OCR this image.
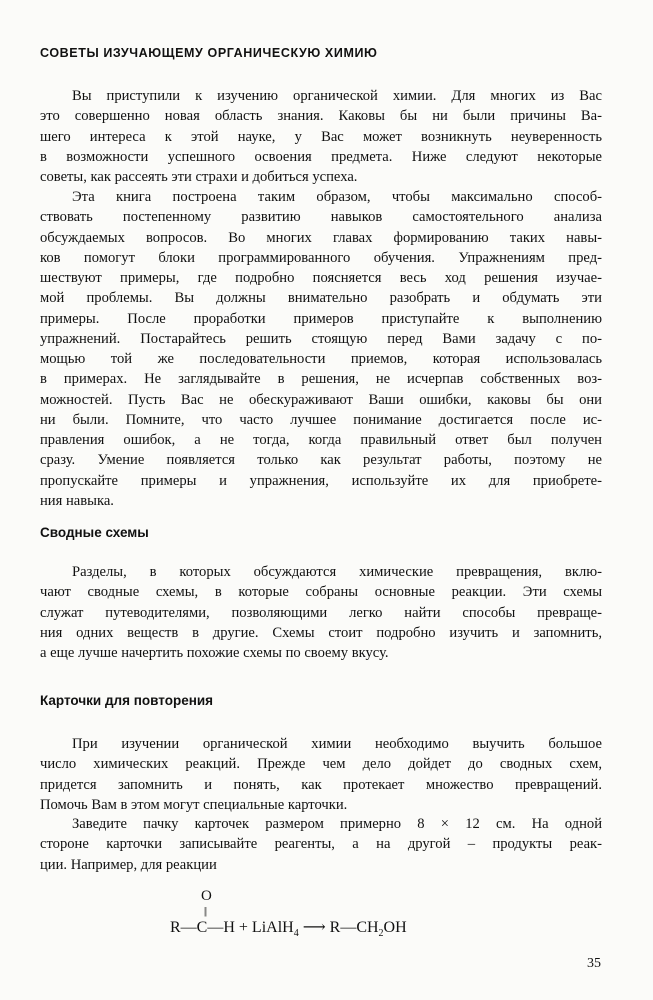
СОВЕТЫ ИЗУЧАЮЩЕМУ ОРГАНИЧЕСКУЮ ХИМИЮ
Вы приступили к изучению органической химии. Для многих из Вас
это совершенно новая область знания. Каковы бы ни были причины Ва-
шего интереса к этой науке, у Вас может возникнуть неуверенность
в возможности успешного освоения предмета. Ниже следуют некоторые
советы, как рассеять эти страхи и добиться успеха.
Эта книга построена таким образом, чтобы максимально способ-
ствовать постепенному развитию навыков самостоятельного анализа
обсуждаемых вопросов. Во многих главах формированию таких навы-
ков помогут блоки программированного обучения. Упражнениям пред-
шествуют примеры, где подробно поясняется весь ход решения изучае-
мой проблемы. Вы должны внимательно разобрать и обдумать эти
примеры. После проработки примеров приступайте к выполнению
упражнений. Постарайтесь решить стоящую перед Вами задачу с по-
мощью той же последовательности приемов, которая использовалась
в примерах. Не заглядывайте в решения, не исчерпав собственных воз-
можностей. Пусть Вас не обескураживают Ваши ошибки, каковы бы они
ни были. Помните, что часто лучшее понимание достигается после ис-
правления ошибок, а не тогда, когда правильный ответ был получен
сразу. Умение появляется только как результат работы, поэтому не
пропускайте примеры и упражнения, используйте их для приобрете-
ния навыка.
Сводные схемы
Разделы, в которых обсуждаются химические превращения, вклю-
чают сводные схемы, в которые собраны основные реакции. Эти схемы
служат путеводителями, позволяющими легко найти способы превраще-
ния одних веществ в другие. Схемы стоит подробно изучить и запомнить,
а еще лучше начертить похожие схемы по своему вкусу.
Карточки для повторения
При изучении органической химии необходимо выучить большое
число химических реакций. Прежде чем дело дойдет до сводных схем,
придется запомнить и понять, как протекает множество превращений.
Помочь Вам в этом могут специальные карточки.
Заведите пачку карточек размером примерно 8 × 12 см. На одной
стороне карточки записывайте реагенты, а на другой – продукты реак-
ции. Например, для реакции
O
||
R—C—H + LiAlH$_4$ ⟶ $R—CH_2OH$
35
